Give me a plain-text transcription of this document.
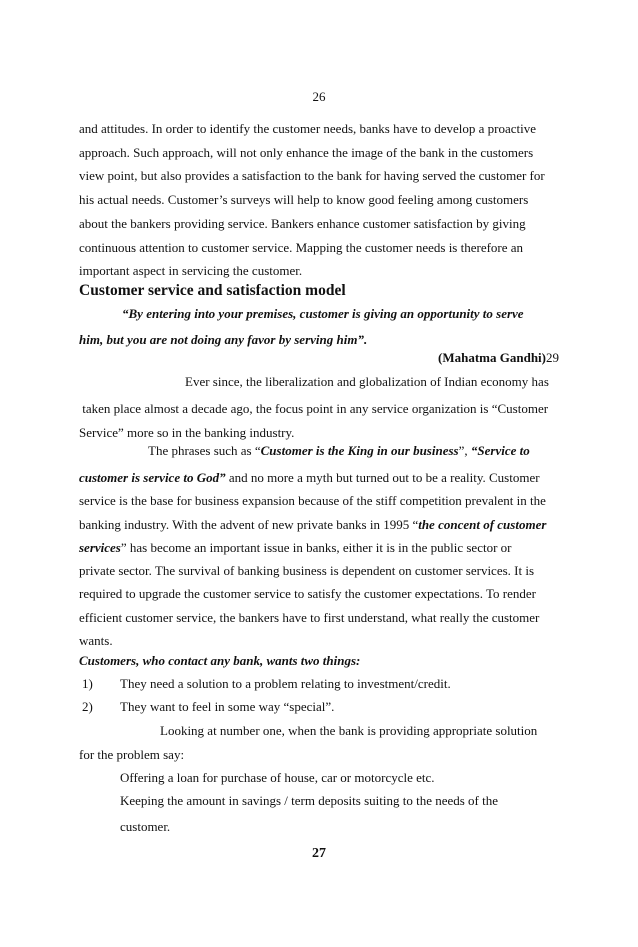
26

and attitudes. In order to identify the customer needs, banks have to develop a proactive

approach. Such approach, will not only enhance the image of the bank in the customers

view point, but also provides a satisfaction to the bank for having served the customer for

his actual needs. Customer’s surveys will help to know good feeling among customers

about the bankers providing service. Bankers enhance customer satisfaction by giving

continuous attention to customer service. Mapping the customer needs is therefore an

important aspect in servicing the customer.

Customer service and satisfaction model
“By entering into your premises, customer is giving an opportunity to serve
him, but you are not doing any favor by serving him”.
(Mahatma Gandhi)29
Ever since, the liberalization and globalization of Indian economy has
taken place almost a decade ago, the focus point in any service organization is “Customer
Service” more so in the banking industry.
The phrases such as “Customer is the King in our business”, “Service to
customer is service to God” and no more a myth but turned out to be a reality. Customer
service is the base for business expansion because of the stiff competition prevalent in the
banking industry. With the advent of new private banks in 1995 “the concent of customer
services” has become an important issue in banks, either it is in the public sector or
private sector. The survival of banking business is dependent on customer services. It is
required to upgrade the customer service to satisfy the customer expectations. To render
efficient customer service, the bankers have to first understand, what really the customer
wants.
Customers, who contact any bank, wants two things:
1) They need a solution to a problem relating to investment/credit.
2) They want to feel in some way “special”.
Looking at number one, when the bank is providing appropriate solution
for the problem say:
Offering a loan for purchase of house, car or motorcycle etc.
Keeping the amount in savings / term deposits suiting to the needs of the
customer.
27
